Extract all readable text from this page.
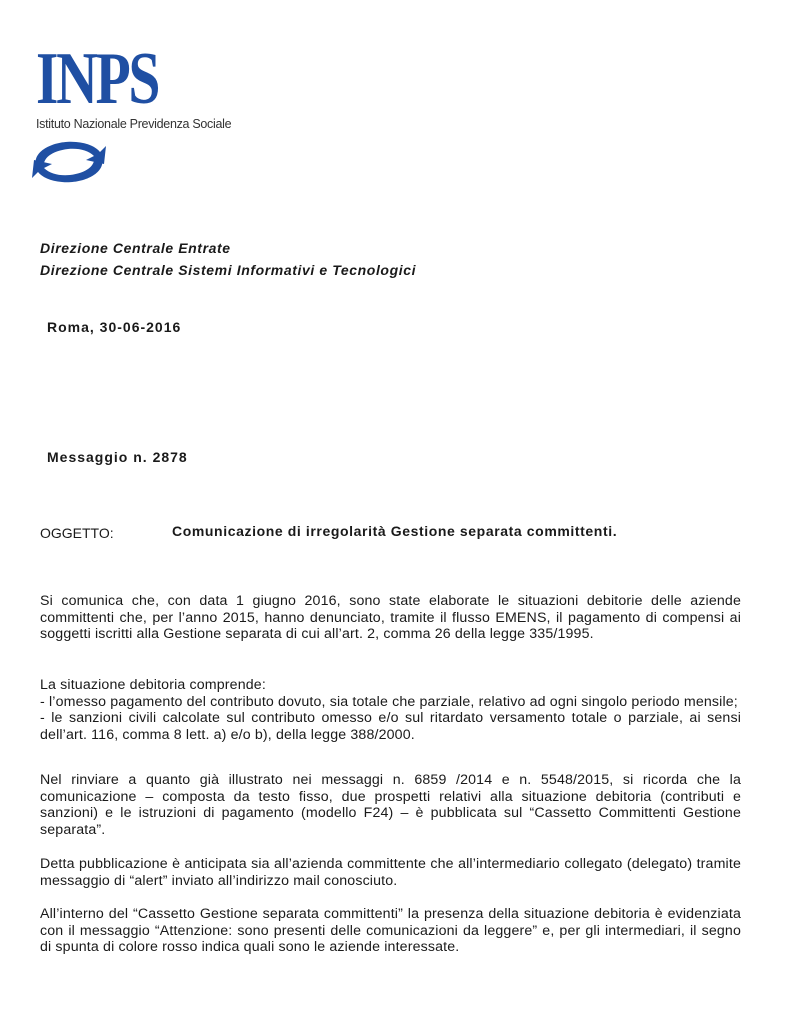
INPS
Istituto Nazionale Previdenza Sociale
Direzione Centrale Entrate
Direzione Centrale Sistemi Informativi e Tecnologici
Roma, 30-06-2016
Messaggio n. 2878
OGGETTO:	Comunicazione di irregolarità Gestione separata committenti.
Si comunica che, con data 1 giugno 2016, sono state elaborate le situazioni debitorie delle aziende committenti che, per l’anno 2015, hanno denunciato, tramite il flusso EMENS, il pagamento di compensi ai soggetti iscritti alla Gestione separata di cui all’art. 2, comma 26 della legge 335/1995.
La situazione debitoria comprende:
- l’omesso pagamento del contributo dovuto, sia totale che parziale, relativo ad ogni singolo periodo mensile;
- le sanzioni civili calcolate sul contributo omesso e/o sul ritardato versamento totale o parziale, ai sensi dell’art. 116, comma 8 lett. a) e/o b), della legge 388/2000.
Nel rinviare a quanto già illustrato nei messaggi n. 6859 /2014 e n. 5548/2015, si ricorda che la comunicazione – composta da testo fisso, due prospetti relativi alla situazione debitoria (contributi e sanzioni) e le istruzioni di pagamento (modello F24) – è pubblicata sul “Cassetto Committenti Gestione separata”.
Detta pubblicazione è anticipata sia all’azienda committente che all’intermediario collegato (delegato) tramite messaggio di “alert” inviato all’indirizzo mail conosciuto.
All’interno del “Cassetto Gestione separata committenti” la presenza della situazione debitoria è evidenziata con il messaggio “Attenzione: sono presenti delle comunicazioni da leggere” e, per gli intermediari, il segno di spunta di colore rosso indica quali sono le aziende interessate.
